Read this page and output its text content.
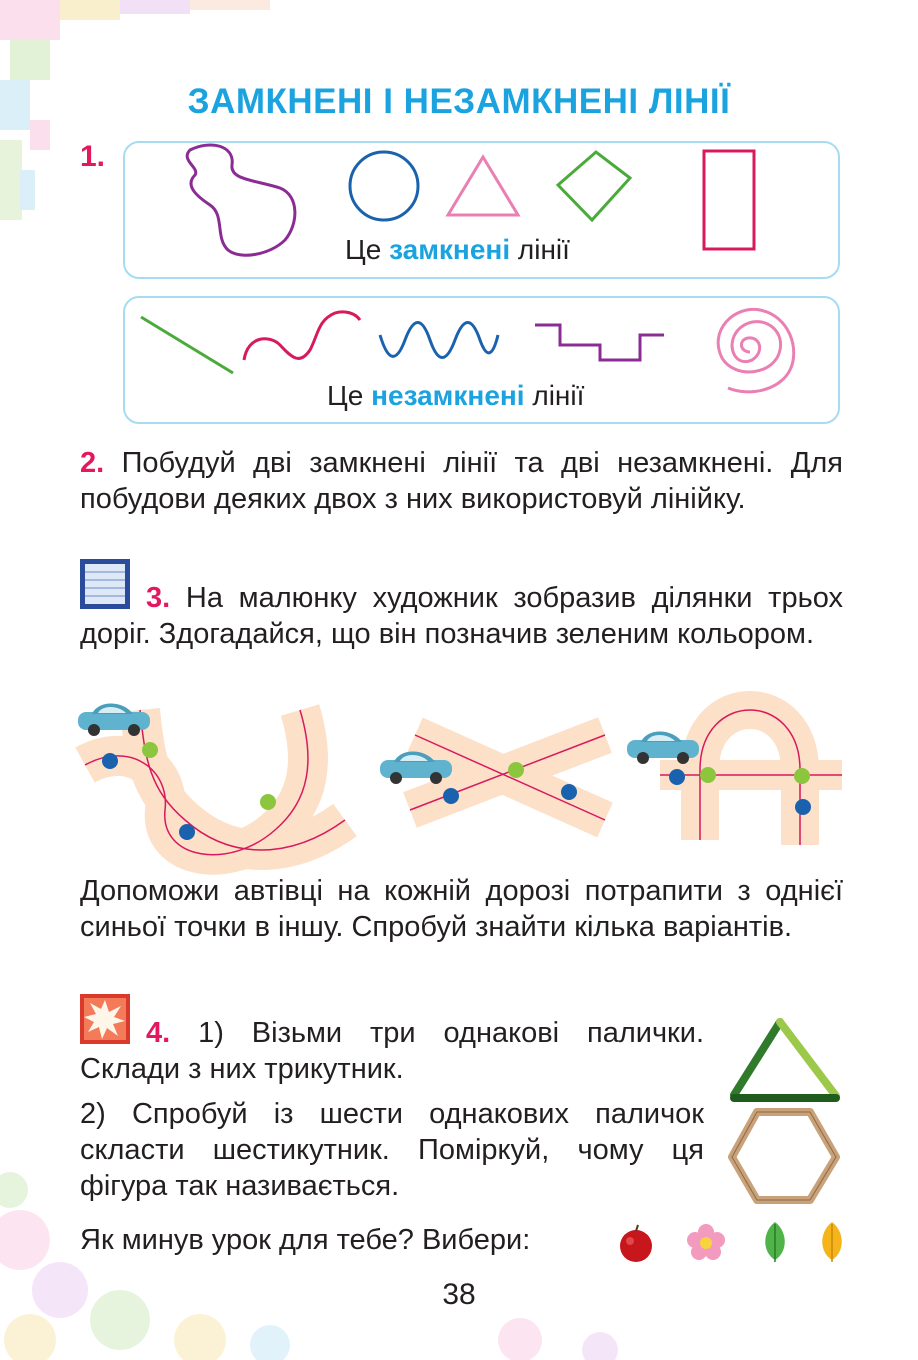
ЗАМКНЕНІ І НЕЗАМКНЕНІ ЛІНІЇ
1.
Це замкнені лінії
Це незамкнені лінії
2. Побудуй дві замкнені лінії та дві незамкнені. Для побудови деяких двох з них використовуй лінійку.
3. На малюнку художник зобразив ділянки трьох доріг. Здогадайся, що він позначив зеленим кольором.
Допоможи автівці на кожній дорозі потрапити з однієї синьої точки в іншу. Спробуй знайти кілька варіантів.
4. 1) Візьми три однакові палички. Склади з них трикутник.
2) Спробуй із шести однакових паличок скласти шестикутник. Поміркуй, чому ця фігура так називається.
Як минув урок для тебе? Вибери:
38
